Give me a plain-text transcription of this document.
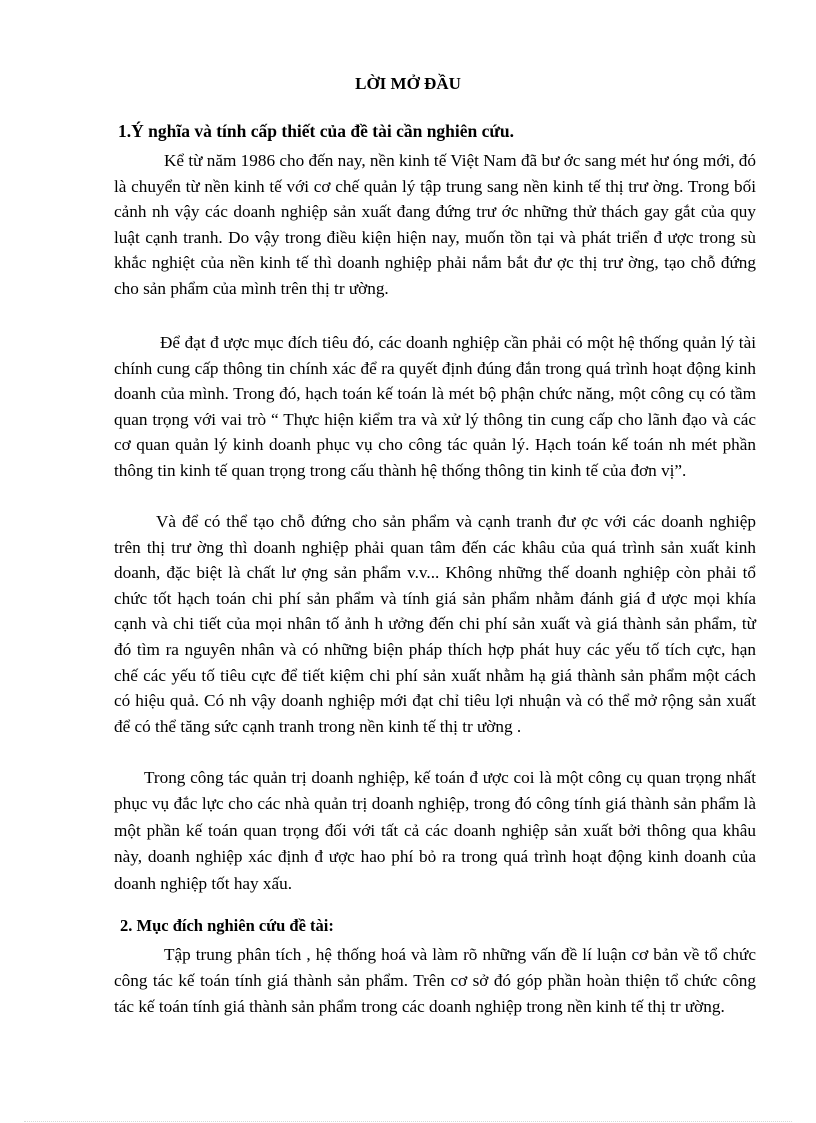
LỜI MỞ ĐẦU
1.Ý nghĩa và tính cấp thiết của đề tài cần nghiên cứu.

Kể từ năm 1986 cho đến nay, nền kinh tế Việt Nam đã bư ớc sang mét hư óng mới, đó là chuyển từ nền kinh tế với cơ chế quản lý tập trung sang nền kinh tế thị trư ờng. Trong bối cảnh nh vậy các doanh nghiệp sản xuất đang đứng trư ớc những thử thách gay gắt của quy luật cạnh tranh. Do vậy trong điều kiện hiện nay, muốn tồn tại và phát triển đ ược trong sù khắc nghiệt của nền kinh tế thì doanh nghiệp phải nắm bắt đư ợc thị trư ờng, tạo chỗ đứng cho sản phẩm của mình trên thị tr ường.

Để đạt đ ược mục đích tiêu đó, các doanh nghiệp cần phải có một hệ thống quản lý tài chính cung cấp thông tin chính xác để ra quyết định đúng đắn trong quá trình hoạt động kinh doanh của mình. Trong đó, hạch toán kế toán là mét bộ phận chức năng, một công cụ có tầm quan trọng với vai trò “ Thực hiện kiểm tra và xử lý thông tin cung cấp cho lãnh đạo và các cơ quan quản lý kinh doanh phục vụ cho công tác quản lý. Hạch toán kế toán nh mét phần thông tin kinh tế quan trọng trong cấu thành hệ thống thông tin kinh tế của đơn vị”.

Và để có thể tạo chỗ đứng cho sản phẩm và cạnh tranh đư ợc với các doanh nghiệp trên thị trư ờng thì doanh nghiệp phải quan tâm đến các khâu của quá trình sản xuất kinh doanh, đặc biệt là chất lư ợng sản phẩm v.v... Không những thế doanh nghiệp còn phải tổ chức tốt hạch toán chi phí sản phẩm và tính giá sản phẩm nhằm đánh giá đ ược mọi khía cạnh và chi tiết của mọi nhân tố ảnh h ưởng đến chi phí sản xuất và giá thành sản phẩm, từ đó tìm ra nguyên nhân và có những biện pháp thích hợp phát huy các yếu tố tích cực, hạn chế các yếu tố tiêu cực để tiết kiệm chi phí sản xuất nhằm hạ giá thành sản phẩm một cách có hiệu quả. Có nh vậy doanh nghiệp mới đạt chỉ tiêu lợi nhuận và có thể mở rộng sản xuất để có thể tăng sức cạnh tranh trong nền kinh tế thị tr ường .

Trong công tác quản trị doanh nghiệp, kế toán đ ược coi là một công cụ quan trọng nhất phục vụ đắc lực cho các nhà quản trị doanh nghiệp, trong đó công tính giá thành sản phẩm là một phần kế toán quan trọng đối với tất cả các doanh nghiệp sản xuất bởi thông qua khâu này, doanh nghiệp xác định đ ược hao phí bỏ ra trong quá trình hoạt động kinh doanh của doanh nghiệp tốt hay xấu.

2. Mục đích nghiên cứu đề tài:

Tập trung phân tích , hệ thống hoá và làm rõ những vấn đề lí luận cơ bản về tổ chức công tác kế toán tính giá thành sản phẩm. Trên cơ sở đó góp phần hoàn thiện tổ chức công tác kế toán tính giá thành sản phẩm trong các doanh nghiệp trong nền kinh tế thị tr ường.
